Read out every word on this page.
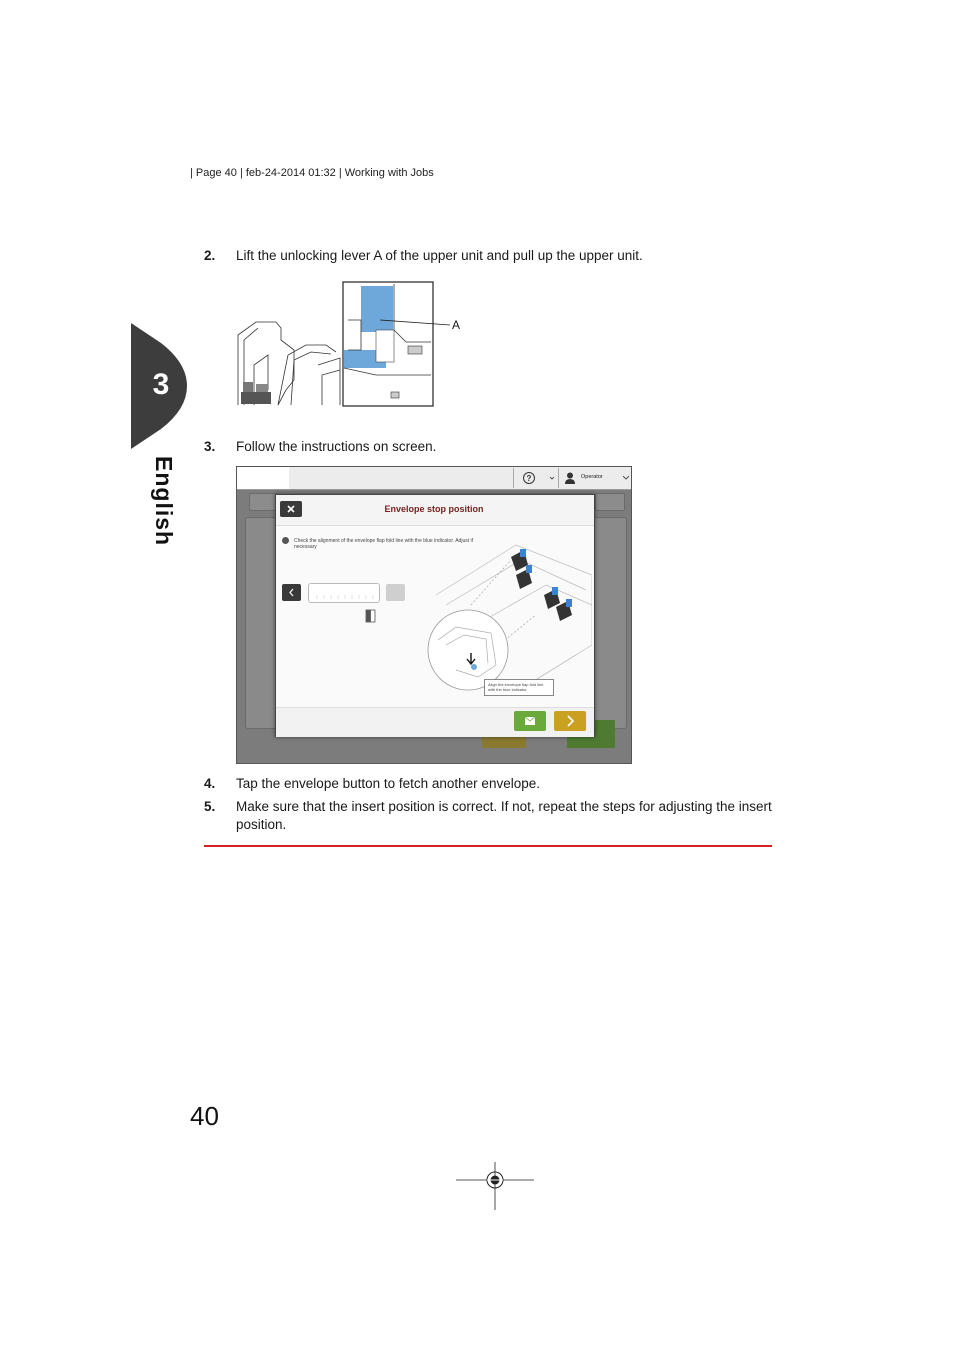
| Page 40 | feb-24-2014 01:32 | Working with Jobs
3
English
2. Lift the unlocking lever A of the upper unit and pull up the upper unit.
A
3. Follow the instructions on screen.
?	Operator
Envelope stop position
Check the alignment of the envelope flap fold line with the blue indicator. Adjust if necessary
Align the envelope flap fold line with the blue indicator
4. Tap the envelope button to fetch another envelope.
5. Make sure that the insert position is correct. If not, repeat the steps for adjusting the insert position.
40
